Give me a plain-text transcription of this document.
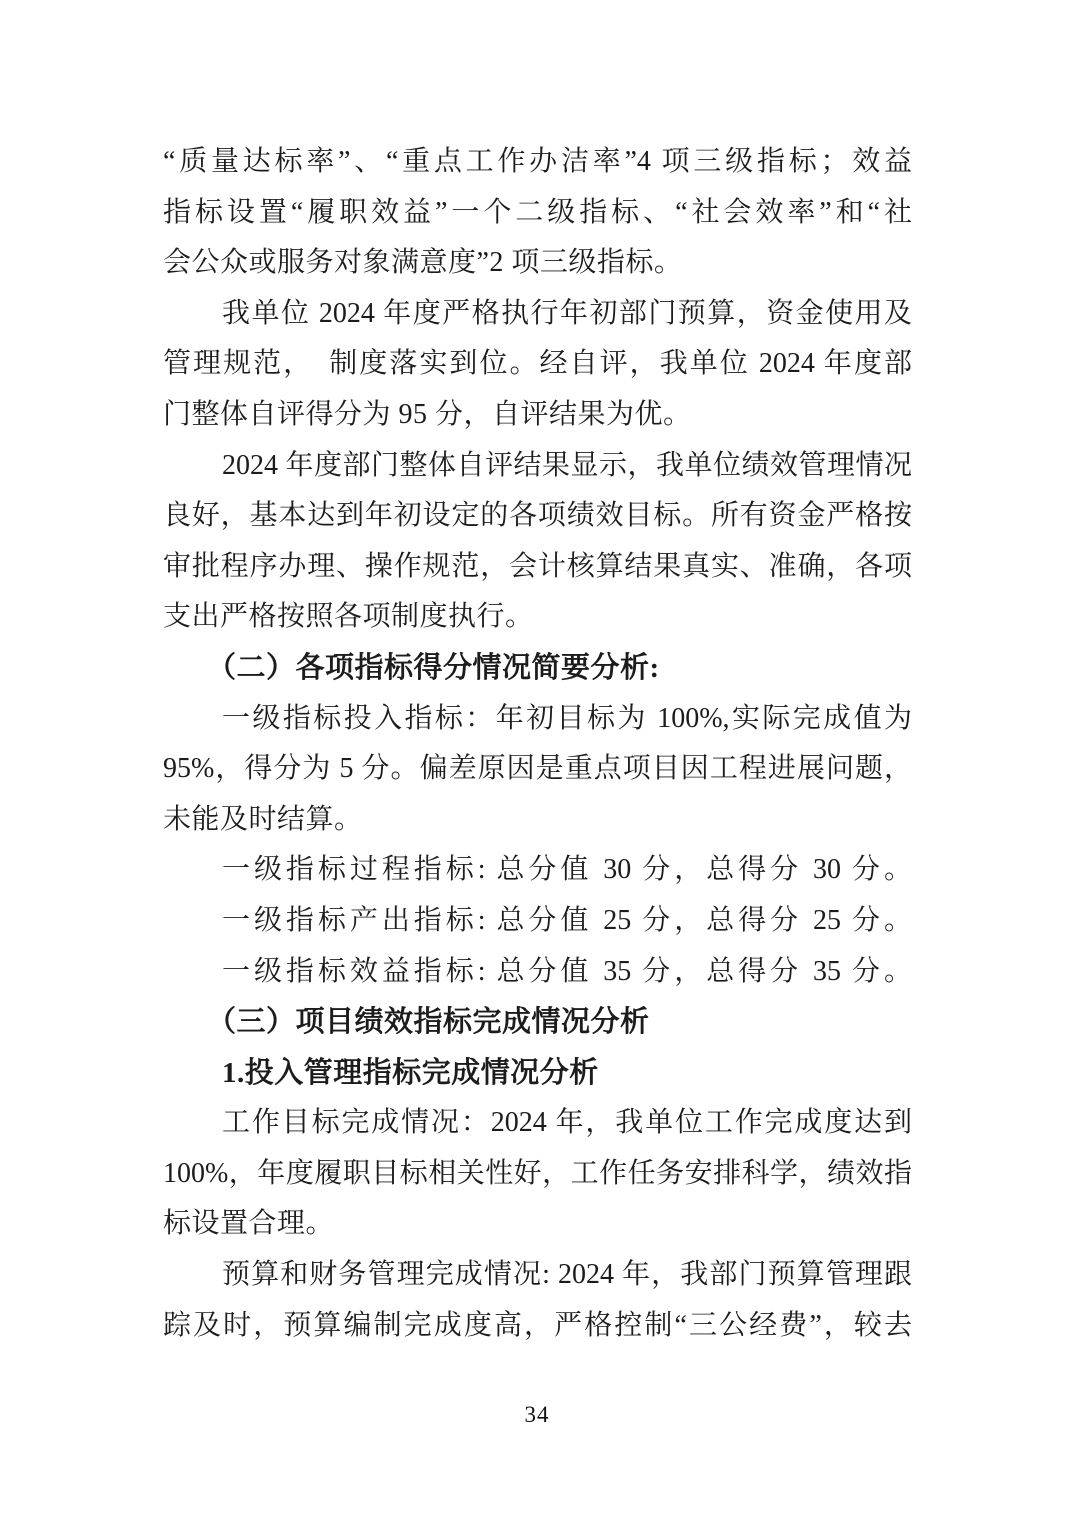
“质量达标率”、“重点工作办洁率”4 项三级指标；效益
指标设置“履职效益”一个二级指标、“社会效率”和“社
会公众或服务对象满意度”2 项三级指标。
我单位 2024 年度严格执行年初部门预算，资金使用及
管理规范，　制度落实到位。经自评，我单位 2024 年度部
门整体自评得分为 95 分，自评结果为优。
2024 年度部门整体自评结果显示，我单位绩效管理情况
良好，基本达到年初设定的各项绩效目标。所有资金严格按
审批程序办理、操作规范，会计核算结果真实、准确，各项
支出严格按照各项制度执行。
（二）各项指标得分情况简要分析:
一级指标投入指标：年初目标为 100%,实际完成值为
95%，得分为 5 分。偏差原因是重点项目因工程进展问题，
未能及时结算。
一级指标过程指标: 总分值 30 分，总得分 30 分。
一级指标产出指标: 总分值 25 分，总得分 25 分。
一级指标效益指标: 总分值 35 分，总得分 35 分。
（三）项目绩效指标完成情况分析
1.投入管理指标完成情况分析
工作目标完成情况：2024 年，我单位工作完成度达到
100%，年度履职目标相关性好，工作任务安排科学，绩效指
标设置合理。
预算和财务管理完成情况: 2024 年，我部门预算管理跟
踪及时，预算编制完成度高，严格控制“三公经费”，较去
34
